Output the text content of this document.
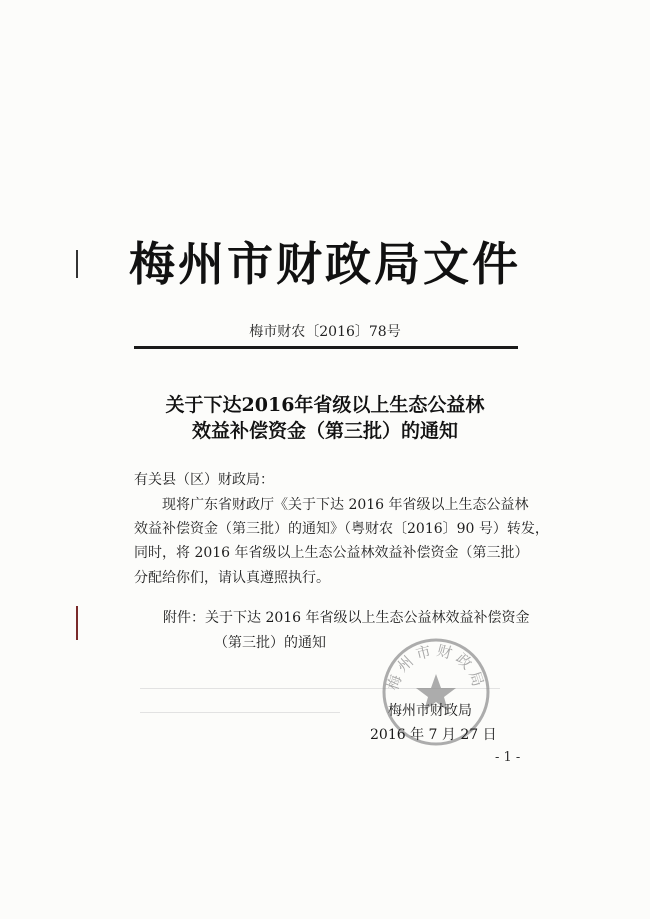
梅州市财政局文件
梅市财农〔2016〕78号
关于下达2016年省级以上生态公益林
效益补偿资金（第三批）的通知
有关县（区）财政局：
现将广东省财政厅《关于下达 2016 年省级以上生态公益林
效益补偿资金（第三批）的通知》（粤财农〔2016〕90 号）转发，
同时，将 2016 年省级以上生态公益林效益补偿资金（第三批）
分配给你们，请认真遵照执行。
附件：关于下达 2016 年省级以上生态公益林效益补偿资金
（第三批）的通知
梅州市财政局
梅州市财政局
2016 年 7 月 27 日
- 1 -
